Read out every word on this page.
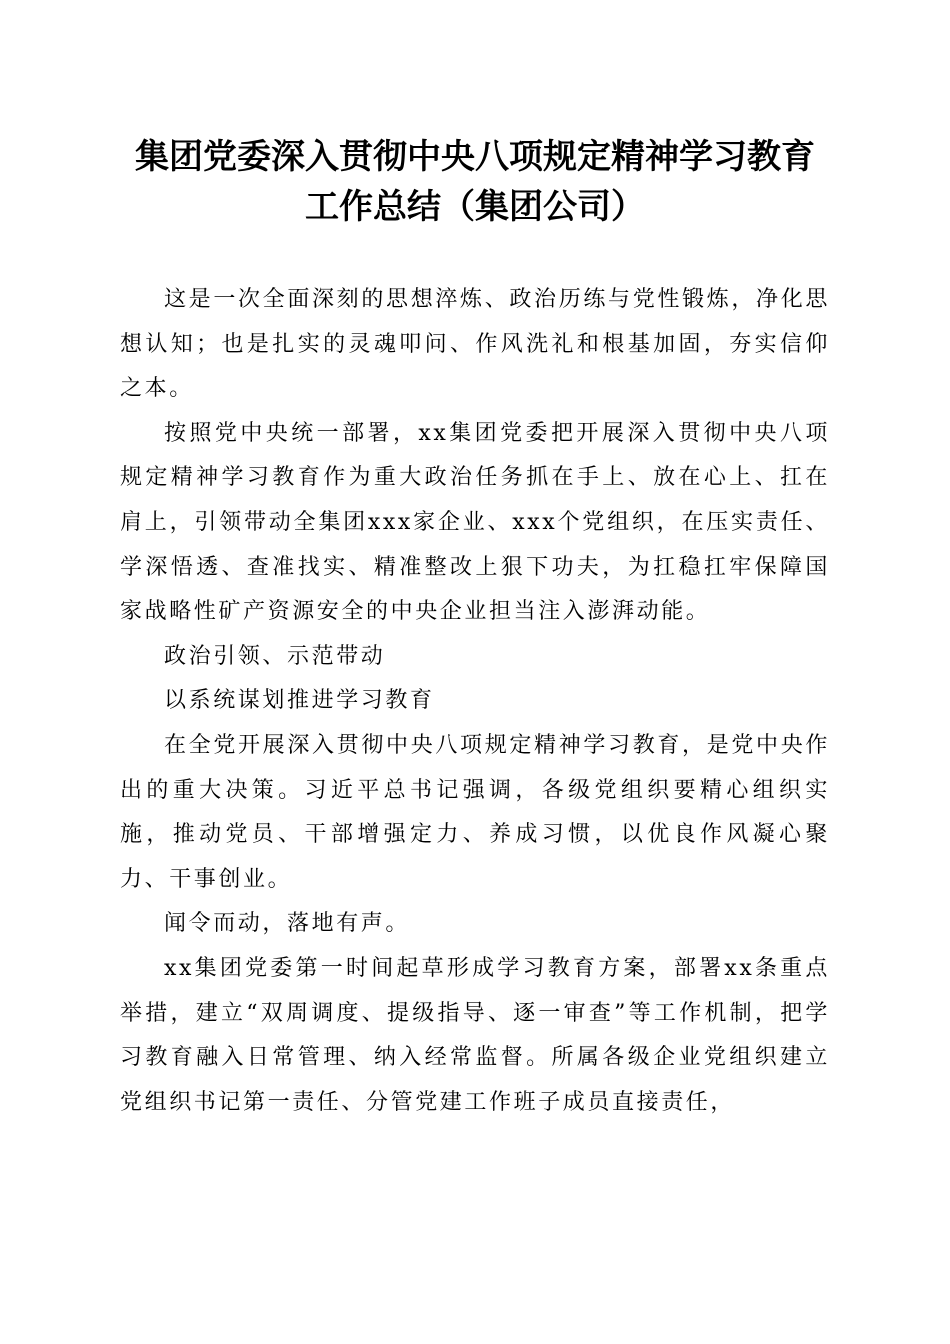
集团党委深入贯彻中央八项规定精神学习教育
工作总结（集团公司）

这是一次全面深刻的思想淬炼、政治历练与党性锻炼，净化思想认知；也是扎实的灵魂叩问、作风洗礼和根基加固，夯实信仰之本。

按照党中央统一部署，xx集团党委把开展深入贯彻中央八项规定精神学习教育作为重大政治任务抓在手上、放在心上、扛在肩上，引领带动全集团xxx家企业、xxx个党组织，在压实责任、学深悟透、查准找实、精准整改上狠下功夫，为扛稳扛牢保障国家战略性矿产资源安全的中央企业担当注入澎湃动能。

政治引领、示范带动

以系统谋划推进学习教育

在全党开展深入贯彻中央八项规定精神学习教育，是党中央作出的重大决策。习近平总书记强调，各级党组织要精心组织实施，推动党员、干部增强定力、养成习惯，以优良作风凝心聚力、干事创业。

闻令而动，落地有声。

xx集团党委第一时间起草形成学习教育方案，部署xx条重点举措，建立“双周调度、提级指导、逐一审查”等工作机制，把学习教育融入日常管理、纳入经常监督。所属各级企业党组织建立党组织书记第一责任、分管党建工作班子成员直接责任，
